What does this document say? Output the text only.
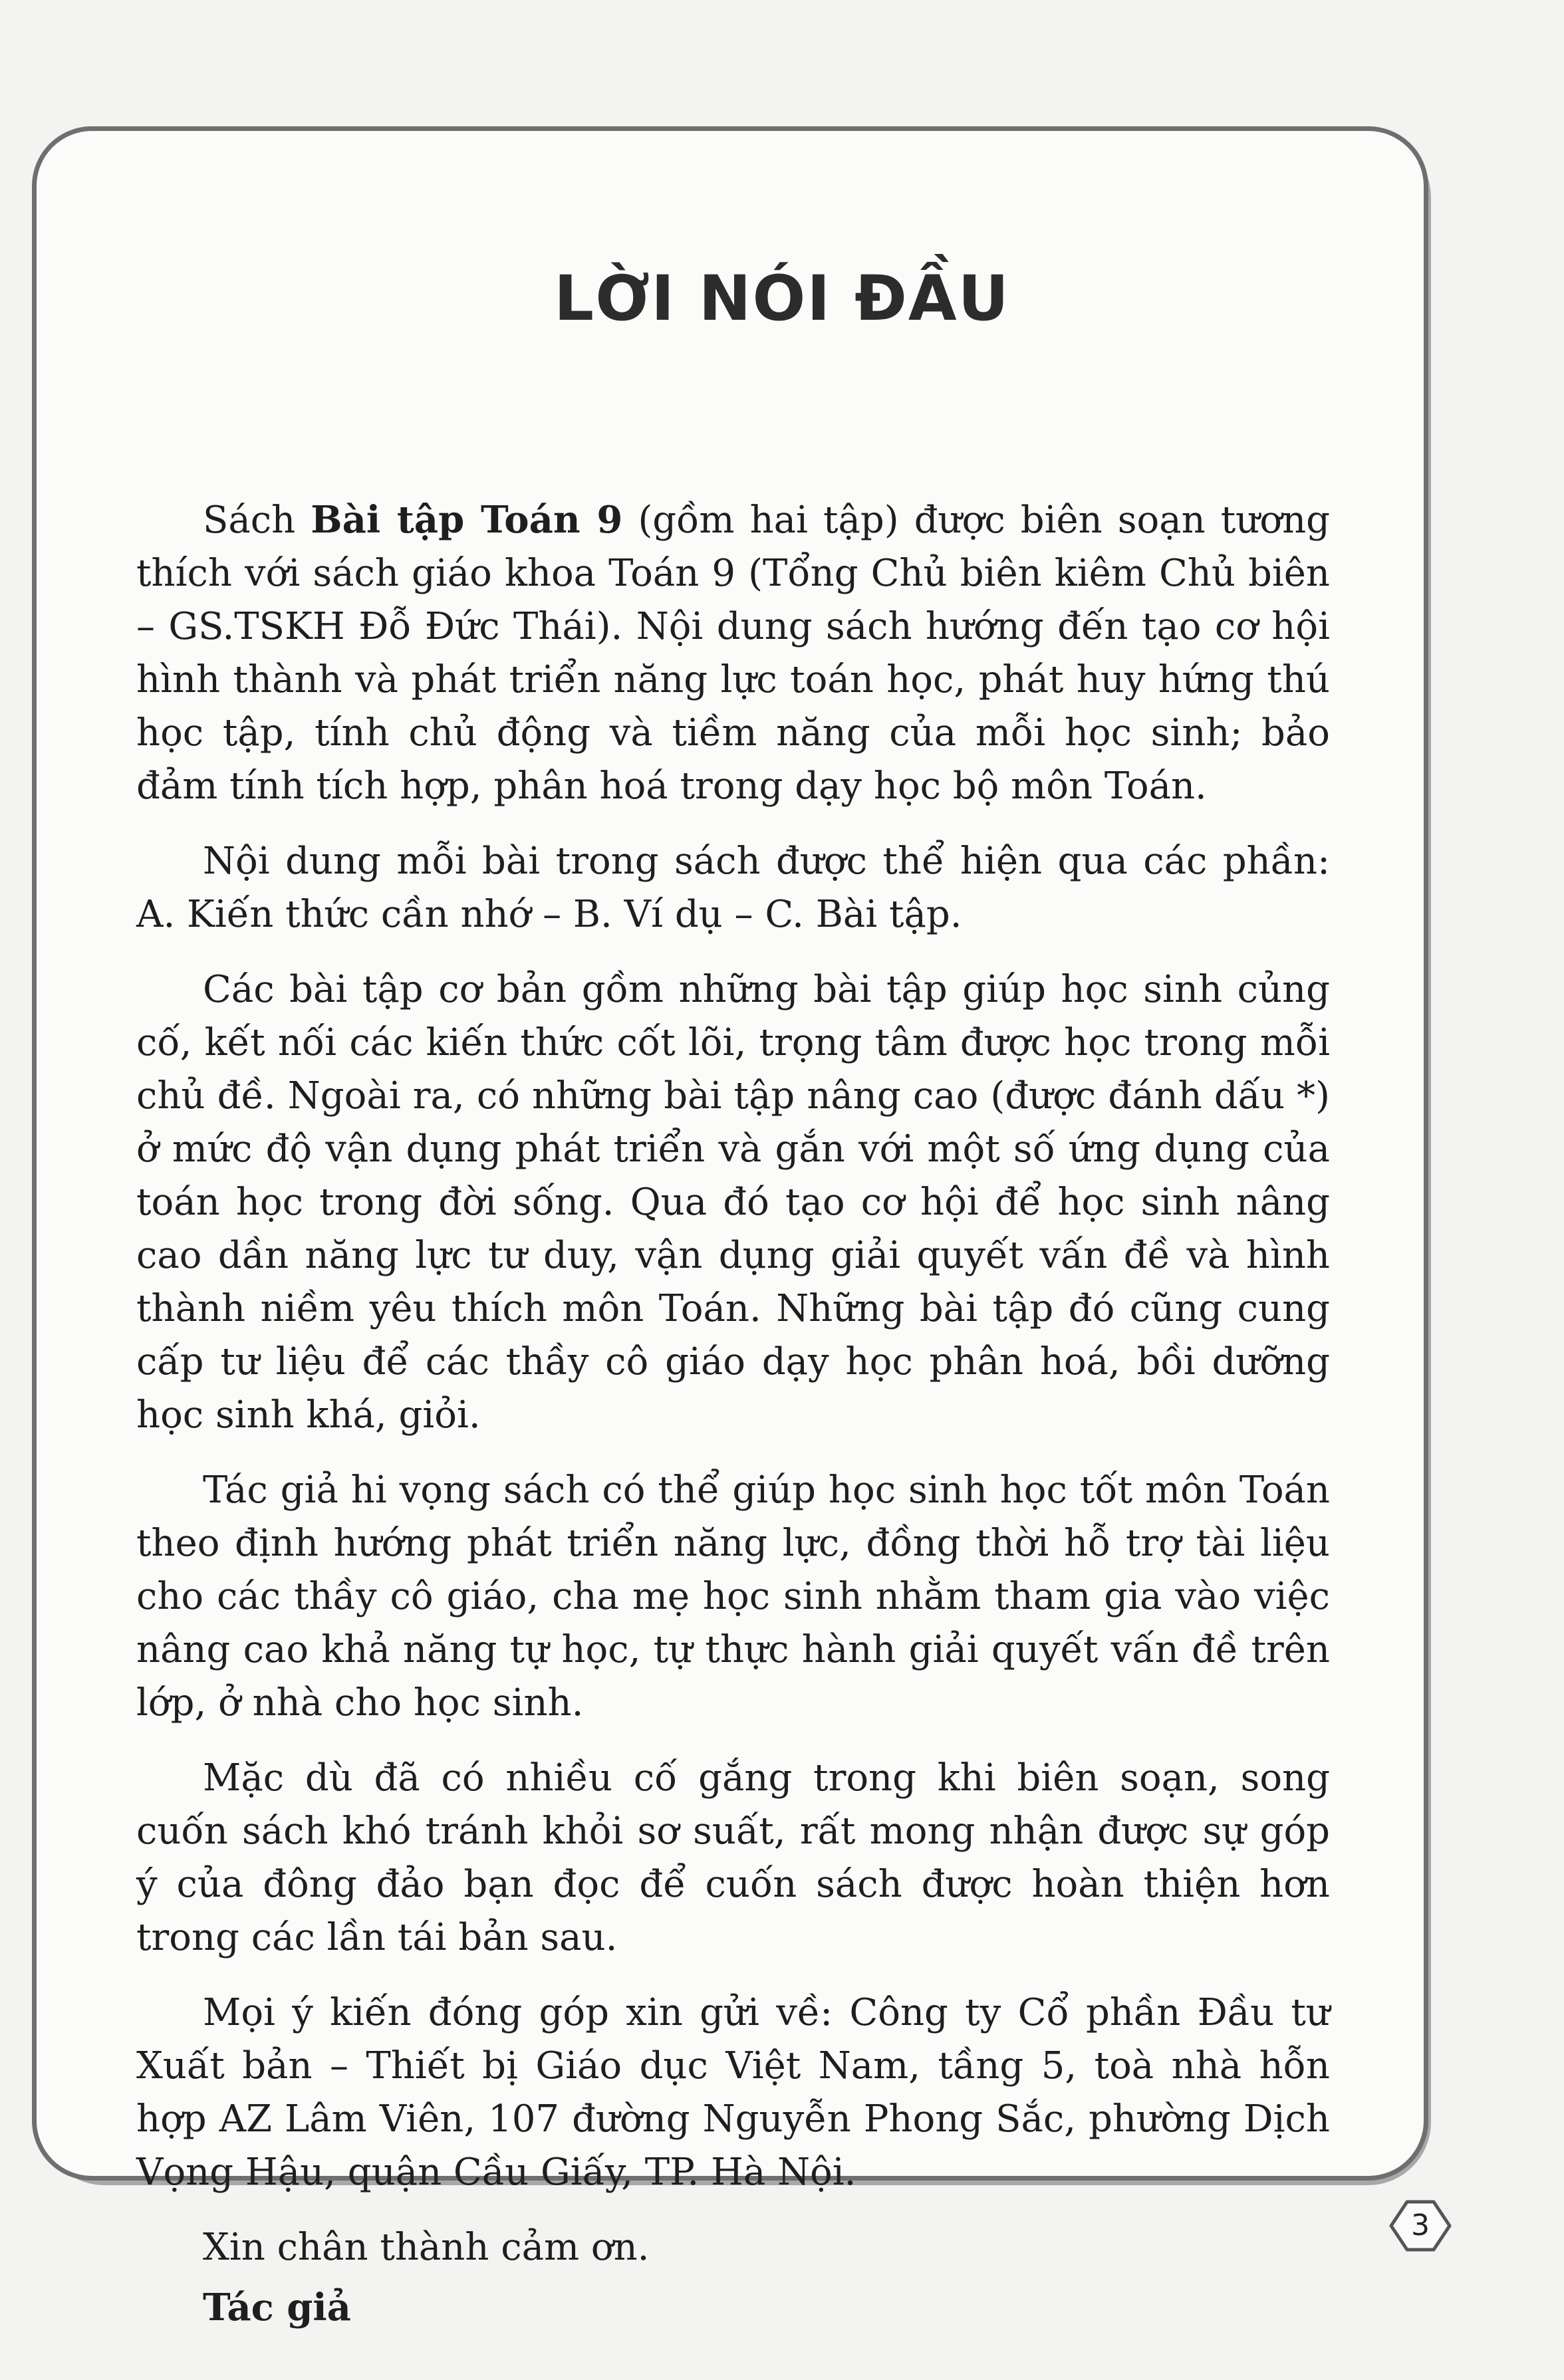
LỜI NÓI ĐẦU

Sách Bài tập Toán 9 (gồm hai tập) được biên soạn tương thích với sách giáo khoa Toán 9 (Tổng Chủ biên kiêm Chủ biên – GS.TSKH Đỗ Đức Thái). Nội dung sách hướng đến tạo cơ hội hình thành và phát triển năng lực toán học, phát huy hứng thú học tập, tính chủ động và tiềm năng của mỗi học sinh; bảo đảm tính tích hợp, phân hoá trong dạy học bộ môn Toán.

Nội dung mỗi bài trong sách được thể hiện qua các phần: A. Kiến thức cần nhớ – B. Ví dụ – C. Bài tập.

Các bài tập cơ bản gồm những bài tập giúp học sinh củng cố, kết nối các kiến thức cốt lõi, trọng tâm được học trong mỗi chủ đề. Ngoài ra, có những bài tập nâng cao (được đánh dấu *) ở mức độ vận dụng phát triển và gắn với một số ứng dụng của toán học trong đời sống. Qua đó tạo cơ hội để học sinh nâng cao dần năng lực tư duy, vận dụng giải quyết vấn đề và hình thành niềm yêu thích môn Toán. Những bài tập đó cũng cung cấp tư liệu để các thầy cô giáo dạy học phân hoá, bồi dưỡng học sinh khá, giỏi.

Tác giả hi vọng sách có thể giúp học sinh học tốt môn Toán theo định hướng phát triển năng lực, đồng thời hỗ trợ tài liệu cho các thầy cô giáo, cha mẹ học sinh nhằm tham gia vào việc nâng cao khả năng tự học, tự thực hành giải quyết vấn đề trên lớp, ở nhà cho học sinh.

Mặc dù đã có nhiều cố gắng trong khi biên soạn, song cuốn sách khó tránh khỏi sơ suất, rất mong nhận được sự góp ý của đông đảo bạn đọc để cuốn sách được hoàn thiện hơn trong các lần tái bản sau.

Mọi ý kiến đóng góp xin gửi về: Công ty Cổ phần Đầu tư Xuất bản – Thiết bị Giáo dục Việt Nam, tầng 5, toà nhà hỗn hợp AZ Lâm Viên, 107 đường Nguyễn Phong Sắc, phường Dịch Vọng Hậu, quận Cầu Giấy, TP. Hà Nội.

Xin chân thành cảm ơn.

Tác giả

3
